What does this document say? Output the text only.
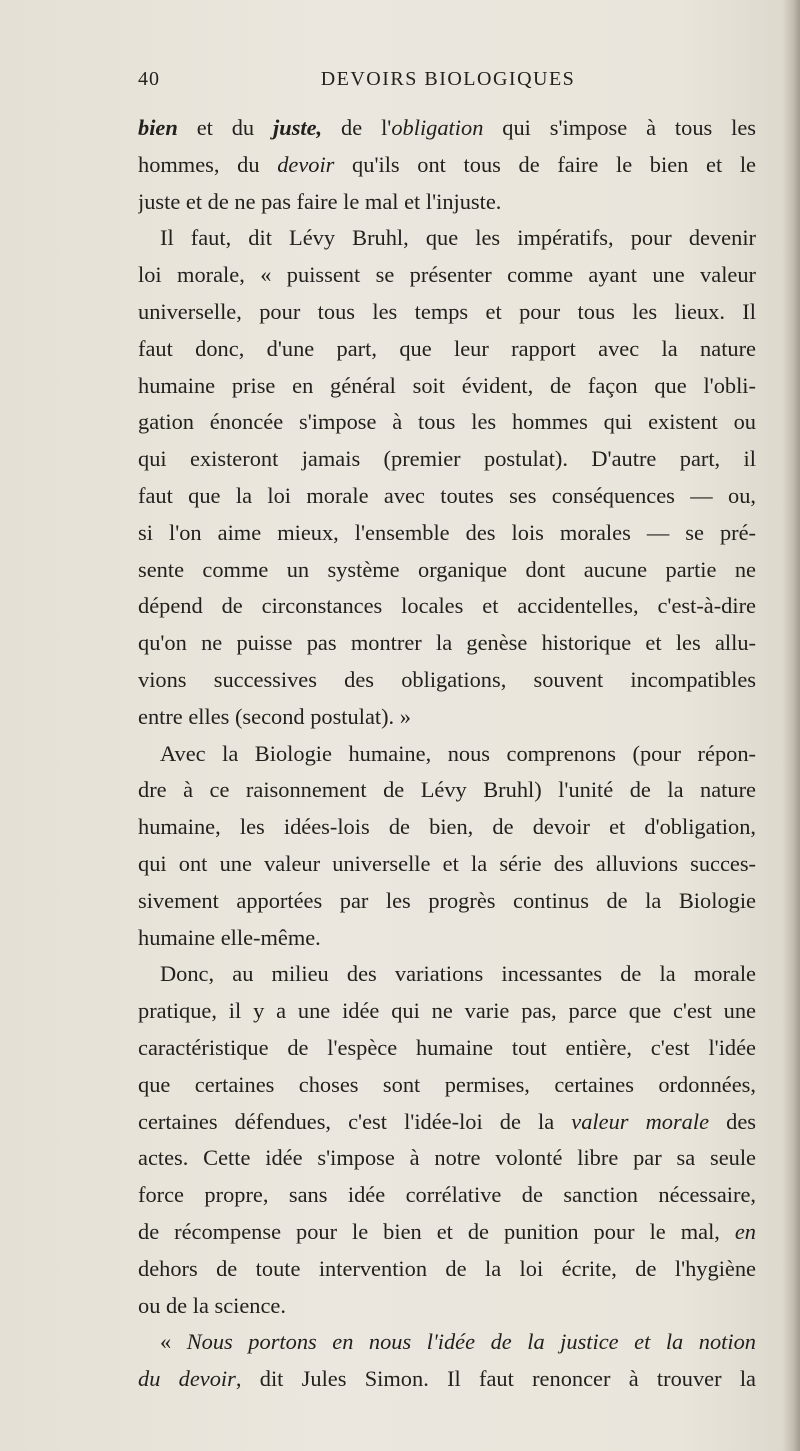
40	DEVOIRS BIOLOGIQUES
bien et du juste, de l'obligation qui s'impose à tous les
hommes, du devoir qu'ils ont tous de faire le bien et le
juste et de ne pas faire le mal et l'injuste.
Il faut, dit Lévy Bruhl, que les impératifs, pour devenir
loi morale, « puissent se présenter comme ayant une valeur
universelle, pour tous les temps et pour tous les lieux. Il
faut donc, d'une part, que leur rapport avec la nature
humaine prise en général soit évident, de façon que l'obli-
gation énoncée s'impose à tous les hommes qui existent ou
qui existeront jamais (premier postulat). D'autre part, il
faut que la loi morale avec toutes ses conséquences — ou,
si l'on aime mieux, l'ensemble des lois morales — se pré-
sente comme un système organique dont aucune partie ne
dépend de circonstances locales et accidentelles, c'est-à-dire
qu'on ne puisse pas montrer la genèse historique et les allu-
vions successives des obligations, souvent incompatibles
entre elles (second postulat). »
Avec la Biologie humaine, nous comprenons (pour répon-
dre à ce raisonnement de Lévy Bruhl) l'unité de la nature
humaine, les idées-lois de bien, de devoir et d'obligation,
qui ont une valeur universelle et la série des alluvions succes-
sivement apportées par les progrès continus de la Biologie
humaine elle-même.
Donc, au milieu des variations incessantes de la morale
pratique, il y a une idée qui ne varie pas, parce que c'est une
caractéristique de l'espèce humaine tout entière, c'est l'idée
que certaines choses sont permises, certaines ordonnées,
certaines défendues, c'est l'idée-loi de la valeur morale des
actes. Cette idée s'impose à notre volonté libre par sa seule
force propre, sans idée corrélative de sanction nécessaire,
de récompense pour le bien et de punition pour le mal, en
dehors de toute intervention de la loi écrite, de l'hygiène
ou de la science.
« Nous portons en nous l'idée de la justice et la notion
du devoir, dit Jules Simon. Il faut renoncer à trouver la
